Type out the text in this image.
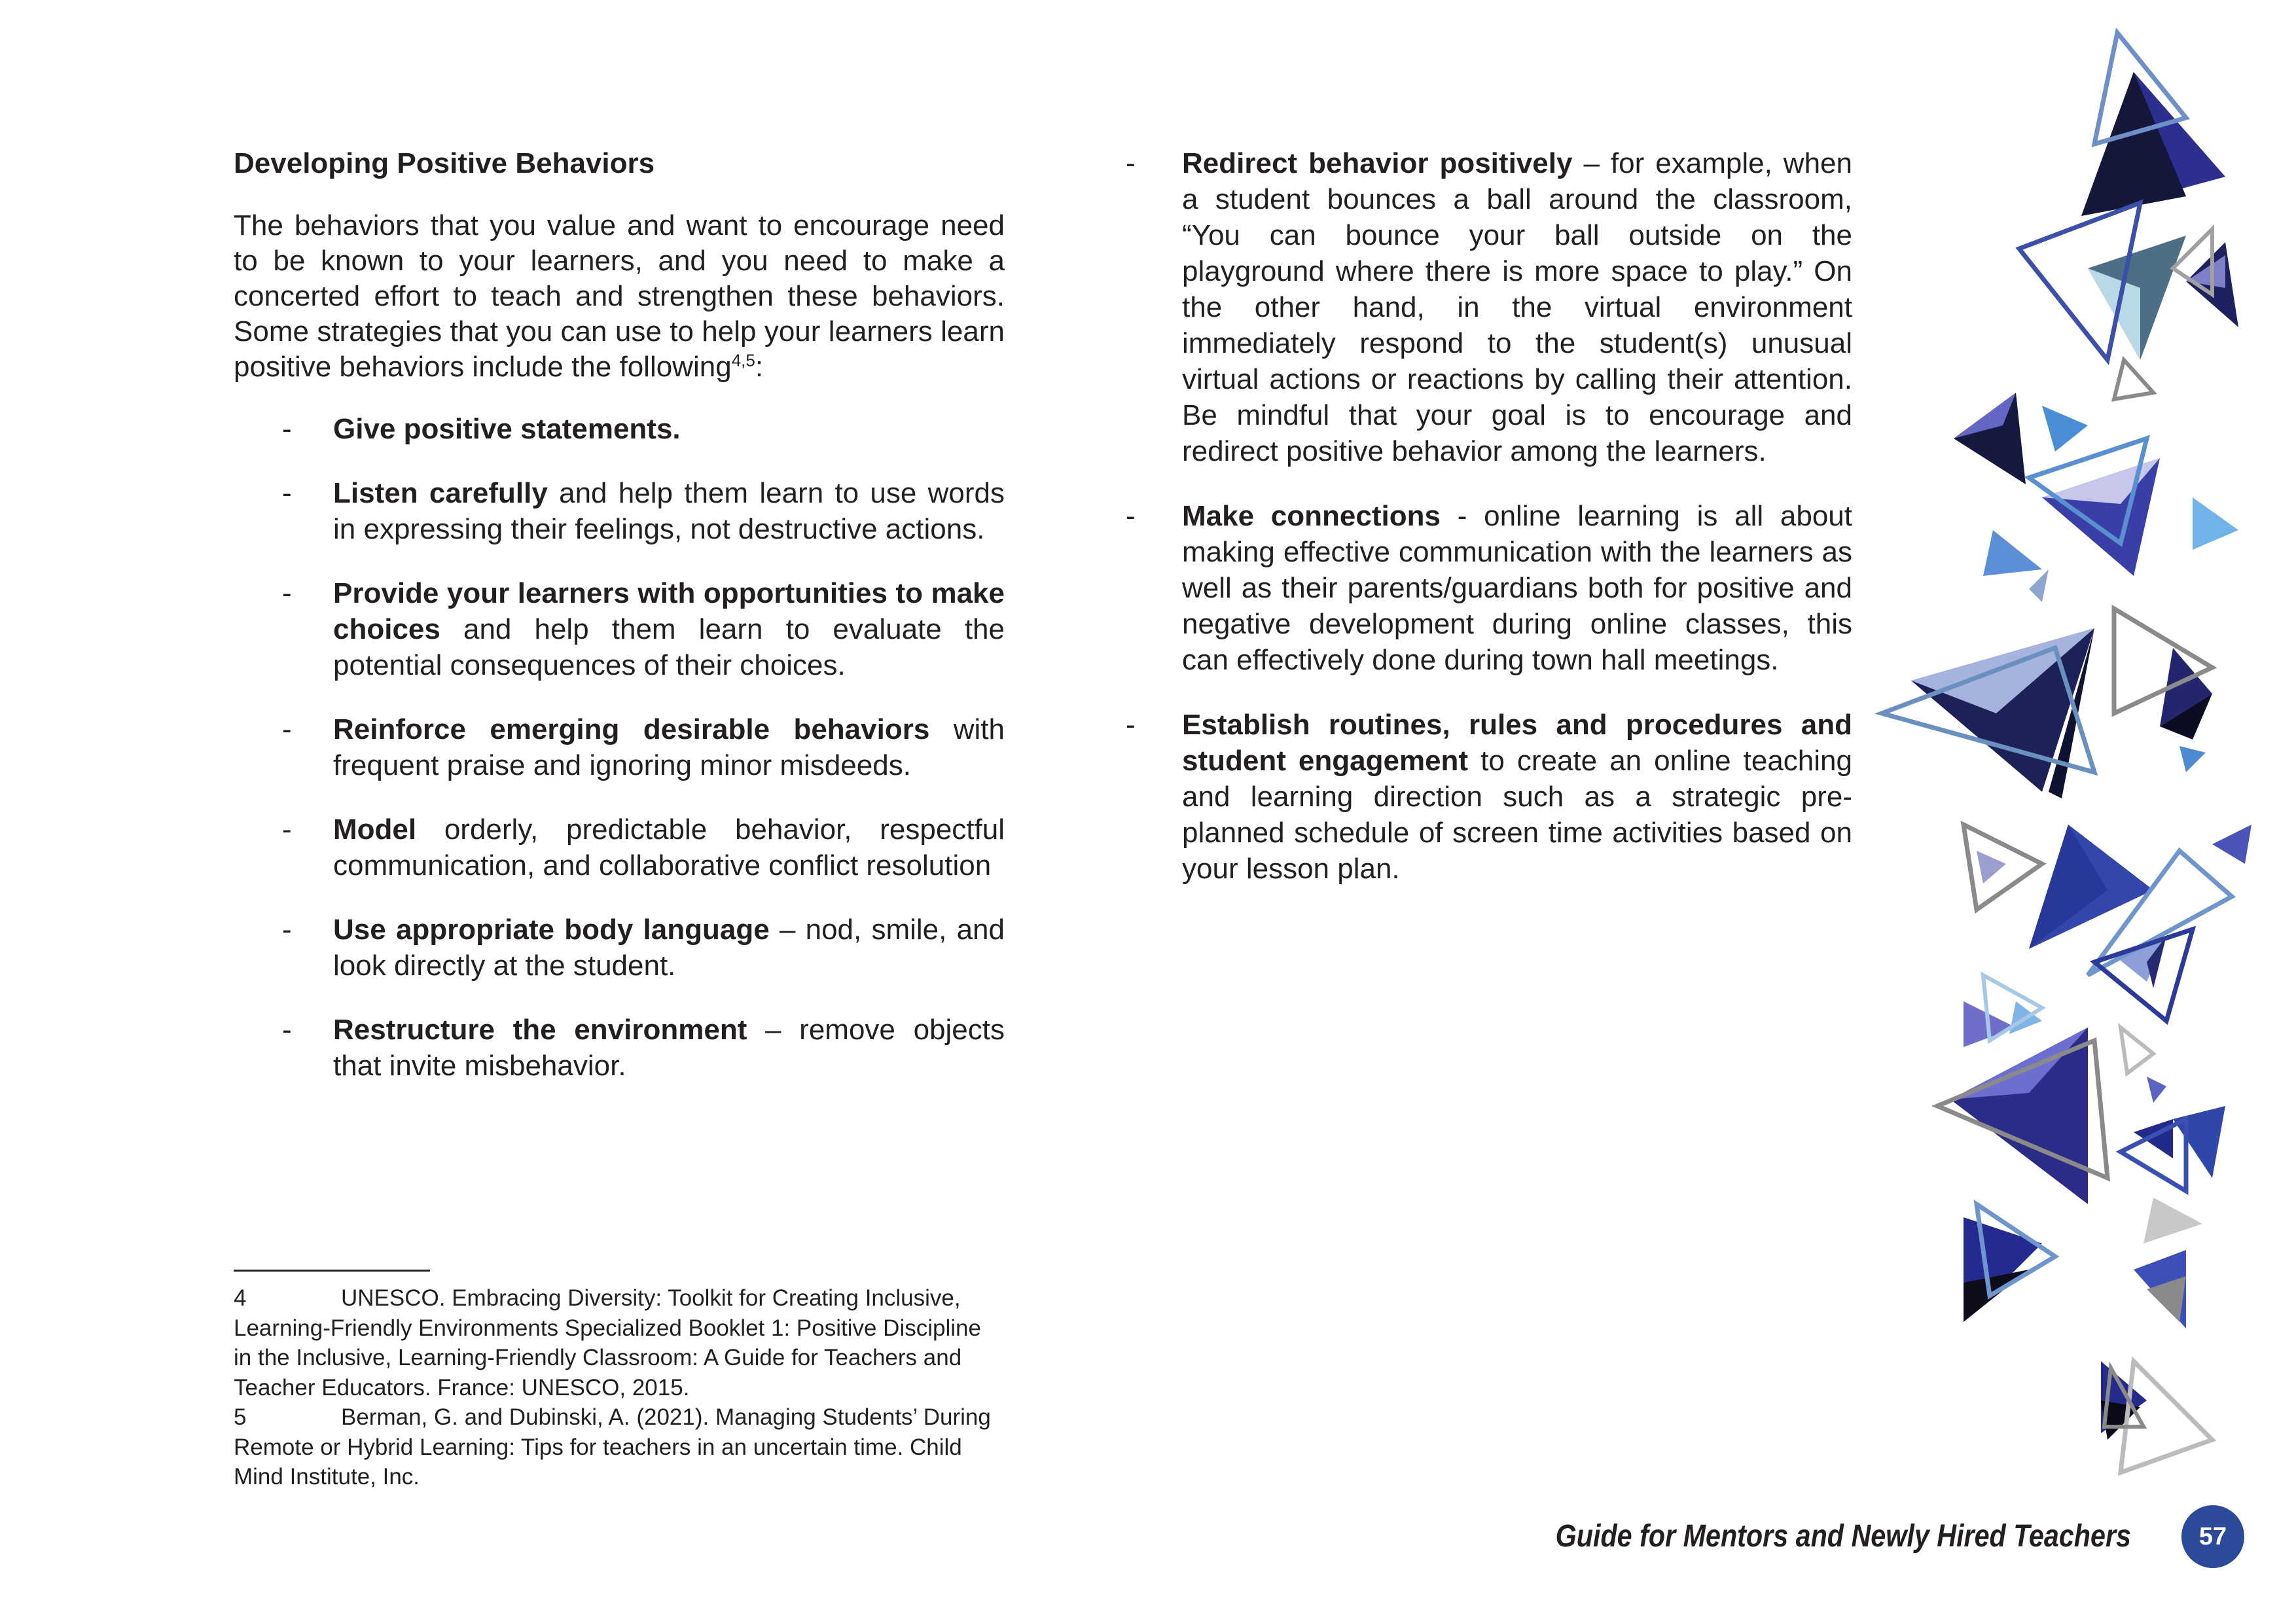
Developing Positive Behaviors

The behaviors that you value and want to encourage need to be known to your learners, and you need to make a concerted effort to teach and strengthen these behaviors. Some strategies that you can use to help your learners learn positive behaviors include the following$^{4,5}$:

- Give positive statements.
- Listen carefully and help them learn to use words in expressing their feelings, not destructive actions.
- Provide your learners with opportunities to make choices and help them learn to evaluate the potential consequences of their choices.
- Reinforce emerging desirable behaviors with frequent praise and ignoring minor misdeeds.
- Model orderly, predictable behavior, respectful communication, and collaborative conflict resolution
- Use appropriate body language – nod, smile, and look directly at the student.
- Restructure the environment – remove objects that invite misbehavior.
- Redirect behavior positively – for example, when a student bounces a ball around the classroom, “You can bounce your ball outside on the playground where there is more space to play.” On the other hand, in the virtual environment immediately respond to the student(s) unusual virtual actions or reactions by calling their attention. Be mindful that your goal is to encourage and redirect positive behavior among the learners.
- Make connections - online learning is all about making effective communication with the learners as well as their parents/guardians both for positive and negative development during online classes, this can effectively done during town hall meetings.
- Establish routines, rules and procedures and student engagement to create an online teaching and learning direction such as a strategic pre-planned schedule of screen time activities based on your lesson plan.
4	UNESCO. Embracing Diversity: Toolkit for Creating Inclusive, Learning-Friendly Environments Specialized Booklet 1: Positive Discipline in the Inclusive, Learning-Friendly Classroom: A Guide for Teachers and Teacher Educators. France: UNESCO, 2015.
5	Berman, G. and Dubinski, A. (2021). Managing Students’ During Remote or Hybrid Learning: Tips for teachers in an uncertain time. Child Mind Institute, Inc.
Guide for Mentors and Newly Hired Teachers	57
